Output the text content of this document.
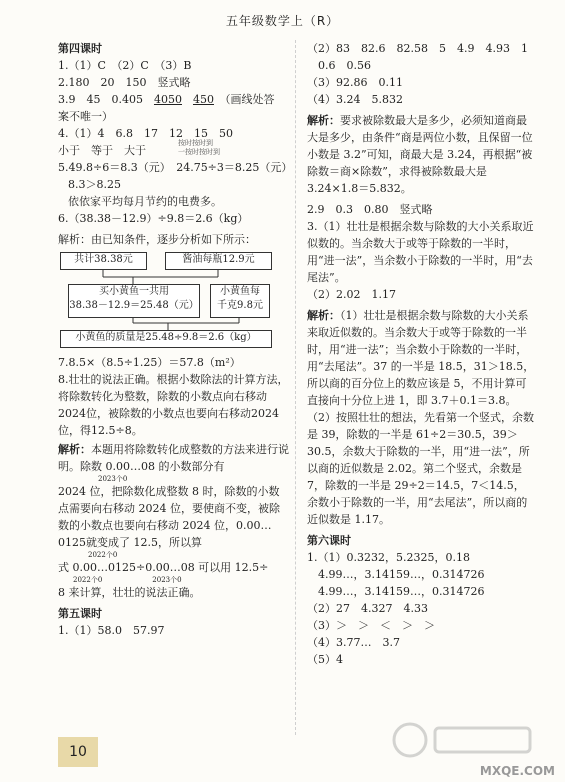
五年级数学上（R）
第四课时
1.（1）C　（2）C　（3）B
2.180　20　150　竖式略
3.9　45　0.405　4050　 450　（画线处答
案不唯一）
4.（1）4　6.8　17　12　15　50
小于　等于　大于
按时按时到
一按时按时到
5.49.8÷6＝8.3（元）　24.75÷3＝8.25（元）
8.3＞8.25
依依家平均每月节约的电费多。
6.（38.38－12.9）÷9.8＝2.6（kg）
解析：由已知条件，逐步分析如下所示：
共计38.38元	酱油每瓶12.9元
买小黄鱼一共用
38.38－12.9＝25.48（元）
小黄鱼每
千克9.8元
小黄鱼的质量是25.48÷9.8＝2.6（kg）
7.8.5×（8.5÷1.25）＝57.8（m²）
8.壮壮的说法正确。根据小数除法的计算方法，将除数转化为整数，除数的小数点向右移动2024位，被除数的小数点也要向右移动2024位，得12.5÷8。
解析：本题用将除数转化成整数的方法来进行说明。除数 0.00…08 的小数部分有
2023个0
2024 位，把除数化成整数 8 时，除数的小数点需要向右移动 2024 位，要使商不变，被除数的小数点也要向右移动 2024 位，0.00…0125就变成了 12.5，所以算
2022个0
式 0.00…0125÷0.00…08 可以用 12.5÷
2022个0	2023个0
8 来计算，壮壮的说法正确。
第五课时
1.（1）58.0　57.97
（2）83　82.6　82.58　5　4.9　4.93　1
　0.6　0.56
（3）92.86　0.11
（4）3.24　5.832
解析：要求被除数最大是多少，必须知道商最大是多少，由条件“商是两位小数，且保留一位小数是 3.2”可知，商最大是 3.24，再根据“被除数＝商×除数”，求得被除数最大是 3.24×1.8＝5.832。
2.9　0.3　0.80　竖式略
3.（1）壮壮是根据余数与除数的大小关系取近似数的。当余数大于或等于除数的一半时，用“进一法”，当余数小于除数的一半时，用“去尾法”。
（2）2.02　1.17
解析：（1）壮壮是根据余数与除数的大小关系来取近似数的。当余数大于或等于除数的一半时，用“进一法”；当余数小于除数的一半时，用“去尾法”。37 的一半是 18.5，31＞18.5，所以商的百分位上的数应该是 5，不用计算可直接向十分位上进 1，即 3.7＋0.1＝3.8。
（2）按照壮壮的想法，先看第一个竖式，余数是 39，除数的一半是 61÷2＝30.5，39＞30.5，余数大于除数的一半，用“进一法”，所以商的近似数是 2.02。第二个竖式，余数是 7，除数的一半是 29÷2＝14.5，7＜14.5，余数小于除数的一半，用“去尾法”，所以商的近似数是 1.17。
第六课时
1.（1）0.3232，5.2325，0.18
　4.99…，3.14159…，0.314726
　4.99…，3.14159…，0.314726
（2）27　4.327　4.33
（3）＞　＞　＜　＞　＞
（4）3.77…　3.7
（5）4
10
MXQE.COM
